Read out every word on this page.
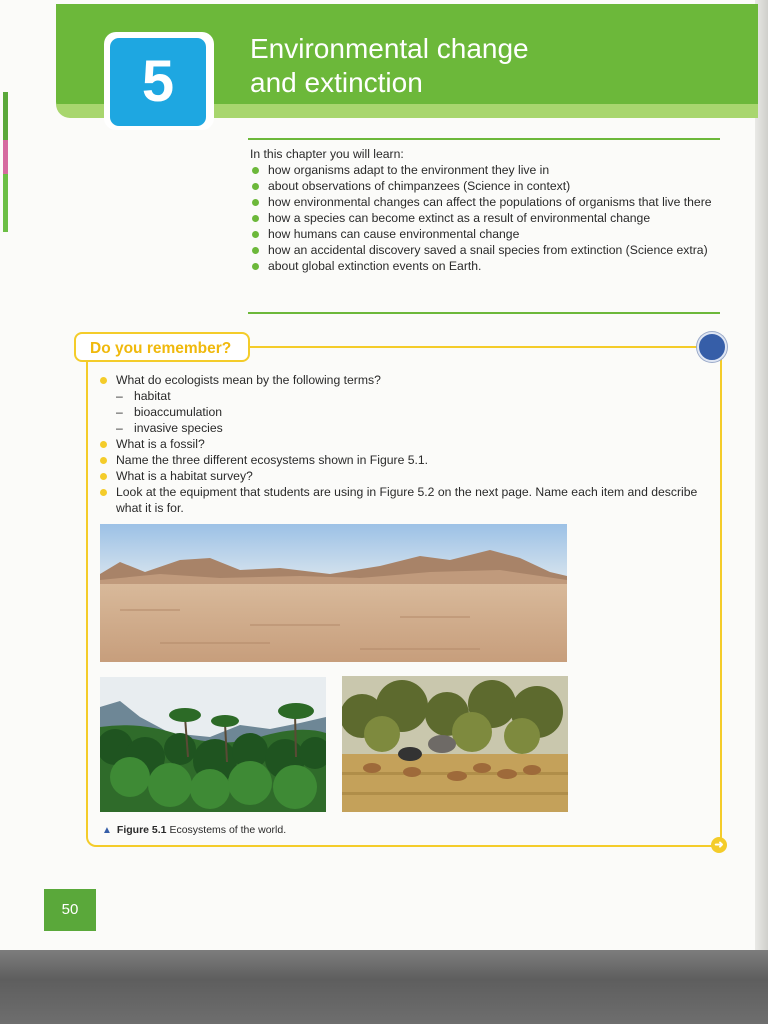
5
Environmental change
and extinction
In this chapter you will learn:
how organisms adapt to the environment they live in
about observations of chimpanzees (Science in context)
how environmental changes can affect the populations of organisms that live there
how a species can become extinct as a result of environmental change
how humans can cause environmental change
how an accidental discovery saved a snail species from extinction (Science extra)
about global extinction events on Earth.
Do you remember?
➜
What do ecologists mean by the following terms?
– habitat
– bioaccumulation
– invasive species
What is a fossil?
Name the three different ecosystems shown in Figure 5.1.
What is a habitat survey?
Look at the equipment that students are using in Figure 5.2 on the next page. Name each item and describe what it is for.
▲ Figure 5.1 Ecosystems of the world.
50
